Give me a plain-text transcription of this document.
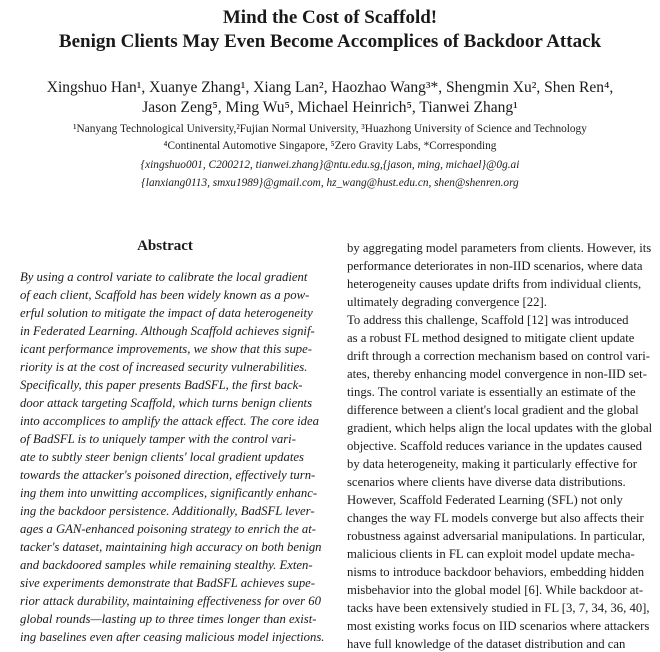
Mind the Cost of Scaffold!
Benign Clients May Even Become Accomplices of Backdoor Attack
Xingshuo Han¹, Xuanye Zhang¹, Xiang Lan², Haozhao Wang³*, Shengmin Xu², Shen Ren⁴,
Jason Zeng⁵, Ming Wu⁵, Michael Heinrich⁵, Tianwei Zhang¹
¹Nanyang Technological University,²Fujian Normal University, ³Huazhong University of Science and Technology
⁴Continental Automotive Singapore, ⁵Zero Gravity Labs, *Corresponding
{xingshuo001, C200212, tianwei.zhang}@ntu.edu.sg,{jason, ming, michael}@0g.ai
{lanxiang0113, smxu1989}@gmail.com, hz_wang@hust.edu.cn, shen@shenren.org
Abstract
By using a control variate to calibrate the local gradient
of each client, Scaffold has been widely known as a pow-
erful solution to mitigate the impact of data heterogeneity
in Federated Learning. Although Scaffold achieves signif-
icant performance improvements, we show that this supe-
riority is at the cost of increased security vulnerabilities.
Specifically, this paper presents BadSFL, the first back-
door attack targeting Scaffold, which turns benign clients
into accomplices to amplify the attack effect. The core idea
of BadSFL is to uniquely tamper with the control vari-
ate to subtly steer benign clients' local gradient updates
towards the attacker's poisoned direction, effectively turn-
ing them into unwitting accomplices, significantly enhanc-
ing the backdoor persistence. Additionally, BadSFL lever-
ages a GAN-enhanced poisoning strategy to enrich the at-
tacker's dataset, maintaining high accuracy on both benign
and backdoored samples while remaining stealthy. Exten-
sive experiments demonstrate that BadSFL achieves supe-
rior attack durability, maintaining effectiveness for over 60
global rounds—lasting up to three times longer than exist-
ing baselines even after ceasing malicious model injections.
by aggregating model parameters from clients. However, its
performance deteriorates in non-IID scenarios, where data
heterogeneity causes update drifts from individual clients,
ultimately degrading convergence [22].
To address this challenge, Scaffold [12] was introduced
as a robust FL method designed to mitigate client update
drift through a correction mechanism based on control vari-
ates, thereby enhancing model convergence in non-IID set-
tings. The control variate is essentially an estimate of the
difference between a client's local gradient and the global
gradient, which helps align the local updates with the global
objective. Scaffold reduces variance in the updates caused
by data heterogeneity, making it particularly effective for
scenarios where clients have diverse data distributions.
However, Scaffold Federated Learning (SFL) not only
changes the way FL models converge but also affects their
robustness against adversarial manipulations. In particular,
malicious clients in FL can exploit model update mecha-
nisms to introduce backdoor behaviors, embedding hidden
misbehavior into the global model [6]. While backdoor at-
tacks have been extensively studied in FL [3, 7, 34, 36, 40],
most existing works focus on IID scenarios where attackers
have full knowledge of the dataset distribution and can
